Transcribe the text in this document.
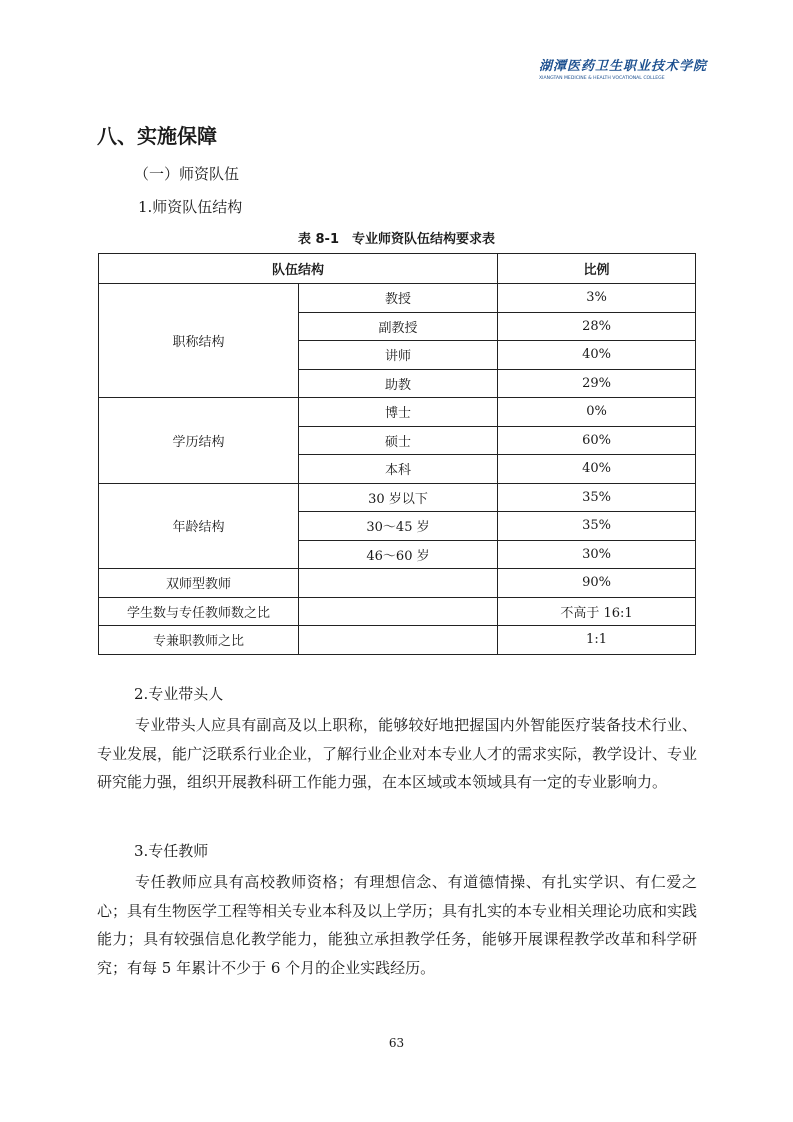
湖潭医药卫生职业技术学院
XIANGTAN MEDICINE & HEALTH VOCATIONAL COLLEGE
八、实施保障
（一）师资队伍
1.师资队伍结构
表 8-1　专业师资队伍结构要求表
队伍结构		比例
职称结构	教授	3%
	副教授	28%
	讲师	40%
	助教	29%
学历结构	博士	0%
	硕士	60%
	本科	40%
年龄结构	30 岁以下	35%
	30～45 岁	35%
	46～60 岁	30%
双师型教师		90%
学生数与专任教师数之比		不高于 16:1
专兼职教师之比		1:1
2.专业带头人

专业带头人应具有副高及以上职称，能够较好地把握国内外智能医疗装备技术行业、专业发展，能广泛联系行业企业，了解行业企业对本专业人才的需求实际，教学设计、专业研究能力强，组织开展教科研工作能力强，在本区域或本领域具有一定的专业影响力。

3.专任教师

专任教师应具有高校教师资格；有理想信念、有道德情操、有扎实学识、有仁爱之心；具有生物医学工程等相关专业本科及以上学历；具有扎实的本专业相关理论功底和实践能力；具有较强信息化教学能力，能独立承担教学任务，能够开展课程教学改革和科学研究；有每 5 年累计不少于 6 个月的企业实践经历。

63
